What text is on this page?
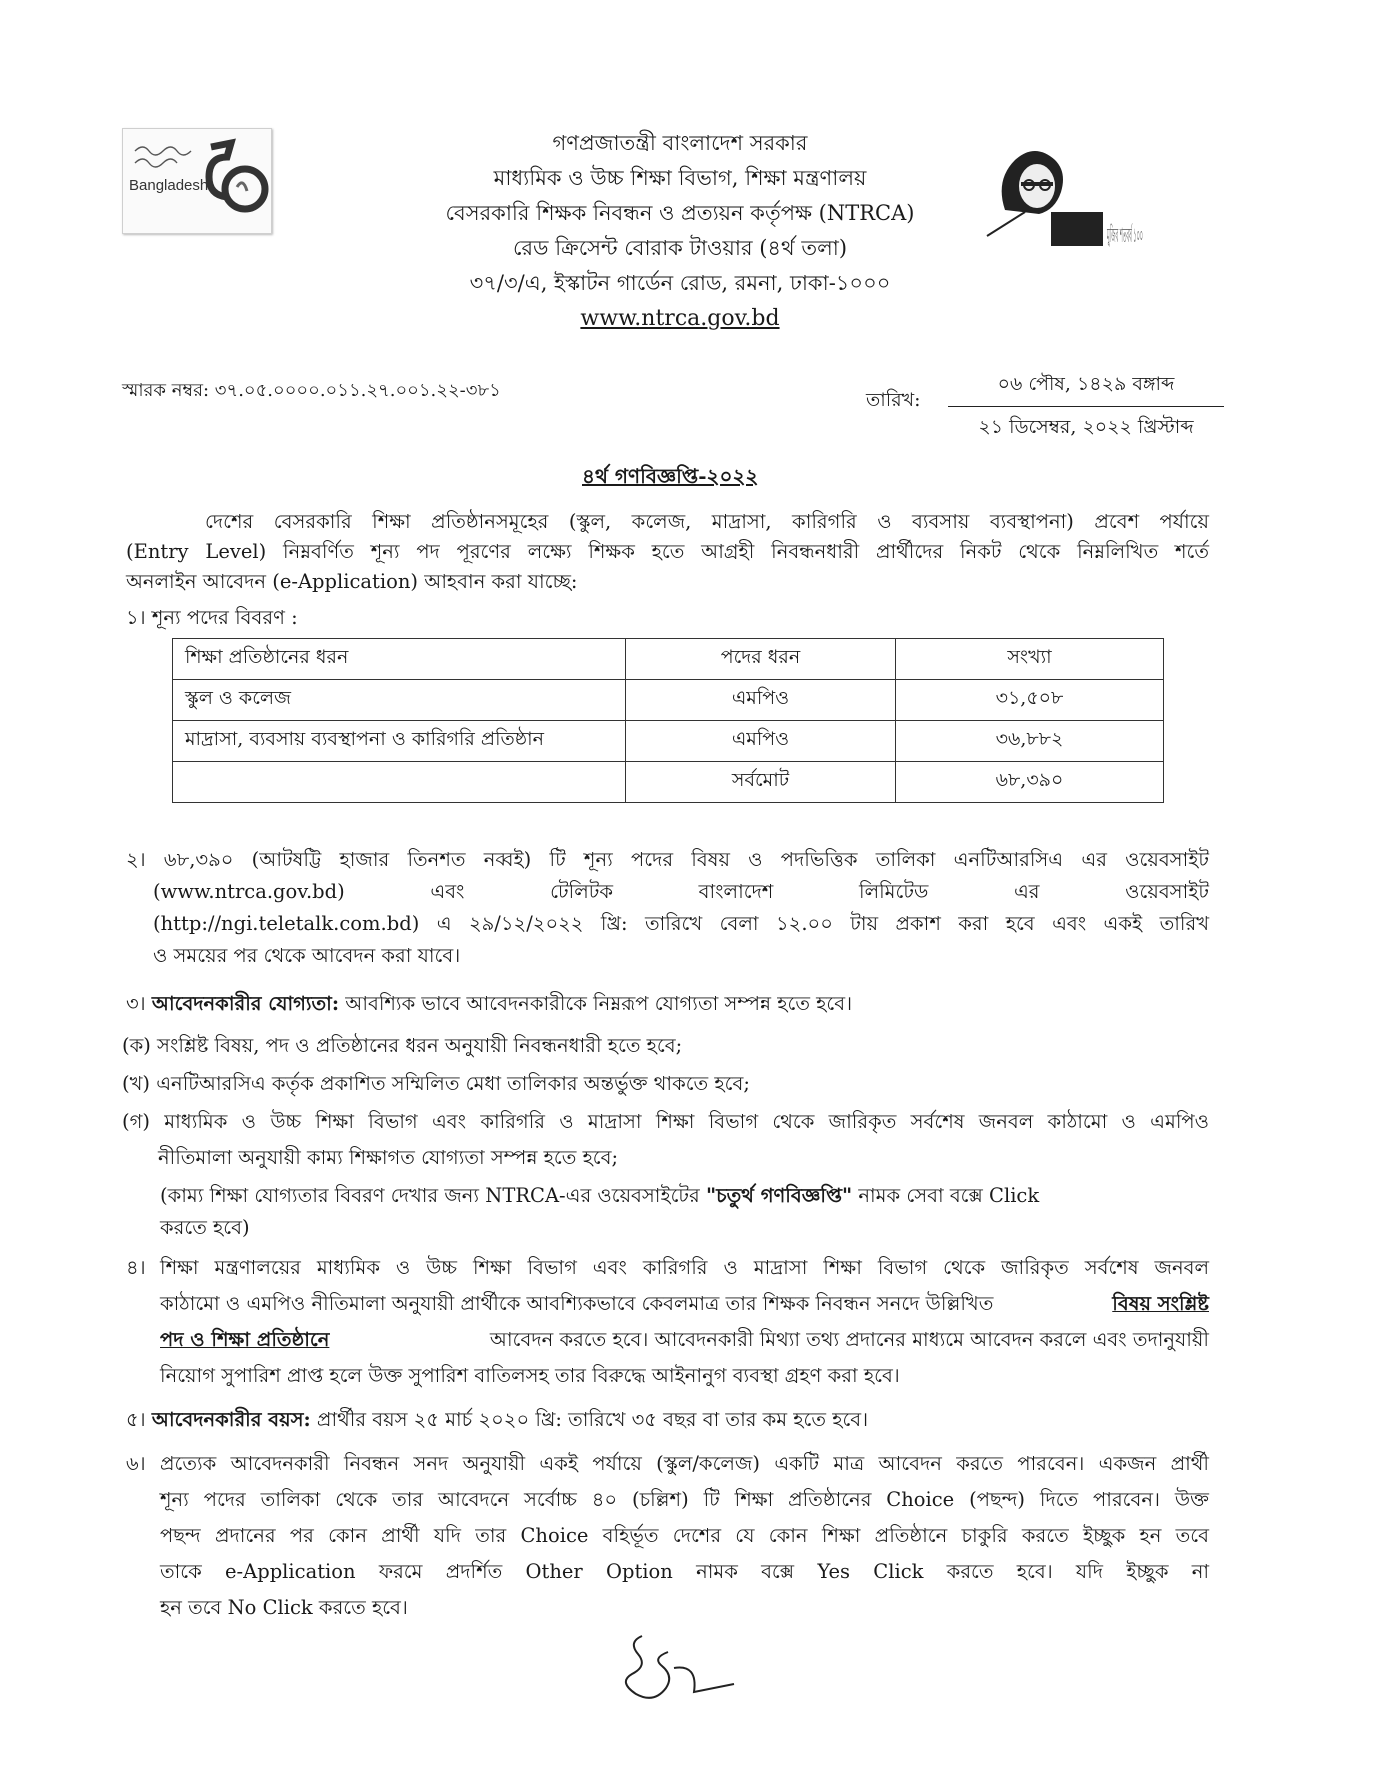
Bangladesh
গণপ্রজাতন্ত্রী বাংলাদেশ সরকার
মাধ্যমিক ও উচ্চ শিক্ষা বিভাগ, শিক্ষা মন্ত্রণালয়
বেসরকারি শিক্ষক নিবন্ধন ও প্রত্যয়ন কর্তৃপক্ষ (NTRCA)
রেড ক্রিসেন্ট বোরাক টাওয়ার (৪র্থ তলা)
৩৭/৩/এ, ইস্কাটন গার্ডেন রোড, রমনা, ঢাকা-১০০০
www.ntrca.gov.bd
মুজিব শতবর্ষ ১০০
স্মারক নম্বর: ৩৭.০৫.০০০০.০১১.২৭.০০১.২২-৩৮১	তারিখ:
০৬ পৌষ, ১৪২৯ বঙ্গাব্দ
২১ ডিসেম্বর, ২০২২ খ্রিস্টাব্দ
৪র্থ গণবিজ্ঞপ্তি-২০২২
দেশের বেসরকারি শিক্ষা প্রতিষ্ঠানসমূহের (স্কুল, কলেজ, মাদ্রাসা, কারিগরি ও ব্যবসায় ব্যবস্থাপনা) প্রবেশ পর্যায়ে
(Entry Level) নিম্নবর্ণিত শূন্য পদ পূরণের লক্ষ্যে শিক্ষক হতে আগ্রহী নিবন্ধনধারী প্রার্থীদের নিকট থেকে নিম্নলিখিত শর্তে
অনলাইন আবেদন (e-Application) আহবান করা যাচ্ছে:
১। শূন্য পদের বিবরণ :
শিক্ষা প্রতিষ্ঠানের ধরন	পদের ধরন	সংখ্যা
স্কুল ও কলেজ	এমপিও	৩১,৫০৮
মাদ্রাসা, ব্যবসায় ব্যবস্থাপনা ও কারিগরি প্রতিষ্ঠান	এমপিও	৩৬,৮৮২
	সর্বমোট	৬৮,৩৯০
২। ৬৮,৩৯০ (আটষট্টি হাজার তিনশত নব্বই) টি শূন্য পদের বিষয় ও পদভিত্তিক তালিকা এনটিআরসিএ এর ওয়েবসাইট
(www.ntrca.gov.bd) এবং টেলিটক বাংলাদেশ লিমিটেড এর ওয়েবসাইট
(http://ngi.teletalk.com.bd) এ ২৯/১২/২০২২ খ্রি: তারিখে বেলা ১২.০০ টায় প্রকাশ করা হবে এবং একই তারিখ
ও সময়ের পর থেকে আবেদন করা যাবে।
৩। আবেদনকারীর যোগ্যতা: আবশ্যিক ভাবে আবেদনকারীকে নিম্নরূপ যোগ্যতা সম্পন্ন হতে হবে।
(ক) সংশ্লিষ্ট বিষয়, পদ ও প্রতিষ্ঠানের ধরন অনুযায়ী নিবন্ধনধারী হতে হবে;
(খ) এনটিআরসিএ কর্তৃক প্রকাশিত সম্মিলিত মেধা তালিকার অন্তর্ভুক্ত থাকতে হবে;
(গ) মাধ্যমিক ও উচ্চ শিক্ষা বিভাগ এবং কারিগরি ও মাদ্রাসা শিক্ষা বিভাগ থেকে জারিকৃত সর্বশেষ জনবল কাঠামো ও এমপিও
নীতিমালা অনুযায়ী কাম্য শিক্ষাগত যোগ্যতা সম্পন্ন হতে হবে;
(কাম্য শিক্ষা যোগ্যতার বিবরণ দেখার জন্য NTRCA-এর ওয়েবসাইটের "চতুর্থ গণবিজ্ঞপ্তি" নামক সেবা বক্সে Click
করতে হবে)
৪। শিক্ষা মন্ত্রণালয়ের মাধ্যমিক ও উচ্চ শিক্ষা বিভাগ এবং কারিগরি ও মাদ্রাসা শিক্ষা বিভাগ থেকে জারিকৃত সর্বশেষ জনবল
কাঠামো ও এমপিও নীতিমালা অনুযায়ী প্রার্থীকে আবশ্যিকভাবে কেবলমাত্র তার শিক্ষক নিবন্ধন সনদে উল্লিখিত	বিষয় সংশ্লিষ্ট
পদ ও শিক্ষা প্রতিষ্ঠানে	আবেদন করতে হবে। আবেদনকারী মিথ্যা তথ্য প্রদানের মাধ্যমে আবেদন করলে এবং তদানুযায়ী
নিয়োগ সুপারিশ প্রাপ্ত হলে উক্ত সুপারিশ বাতিলসহ তার বিরুদ্ধে আইনানুগ ব্যবস্থা গ্রহণ করা হবে।
৫। আবেদনকারীর বয়স: প্রার্থীর বয়স ২৫ মার্চ ২০২০ খ্রি: তারিখে ৩৫ বছর বা তার কম হতে হবে।
৬। প্রত্যেক আবেদনকারী নিবন্ধন সনদ অনুযায়ী একই পর্যায়ে (স্কুল/কলেজ) একটি মাত্র আবেদন করতে পারবেন। একজন প্রার্থী
শূন্য পদের তালিকা থেকে তার আবেদনে সর্বোচ্চ ৪০ (চল্লিশ) টি শিক্ষা প্রতিষ্ঠানের Choice (পছন্দ) দিতে পারবেন। উক্ত
পছন্দ প্রদানের পর কোন প্রার্থী যদি তার Choice বহির্ভূত দেশের যে কোন শিক্ষা প্রতিষ্ঠানে চাকুরি করতে ইচ্ছুক হন তবে
তাকে e-Application ফরমে প্রদর্শিত Other Option নামক বক্সে Yes Click করতে হবে। যদি ইচ্ছুক না
হন তবে No Click করতে হবে।
